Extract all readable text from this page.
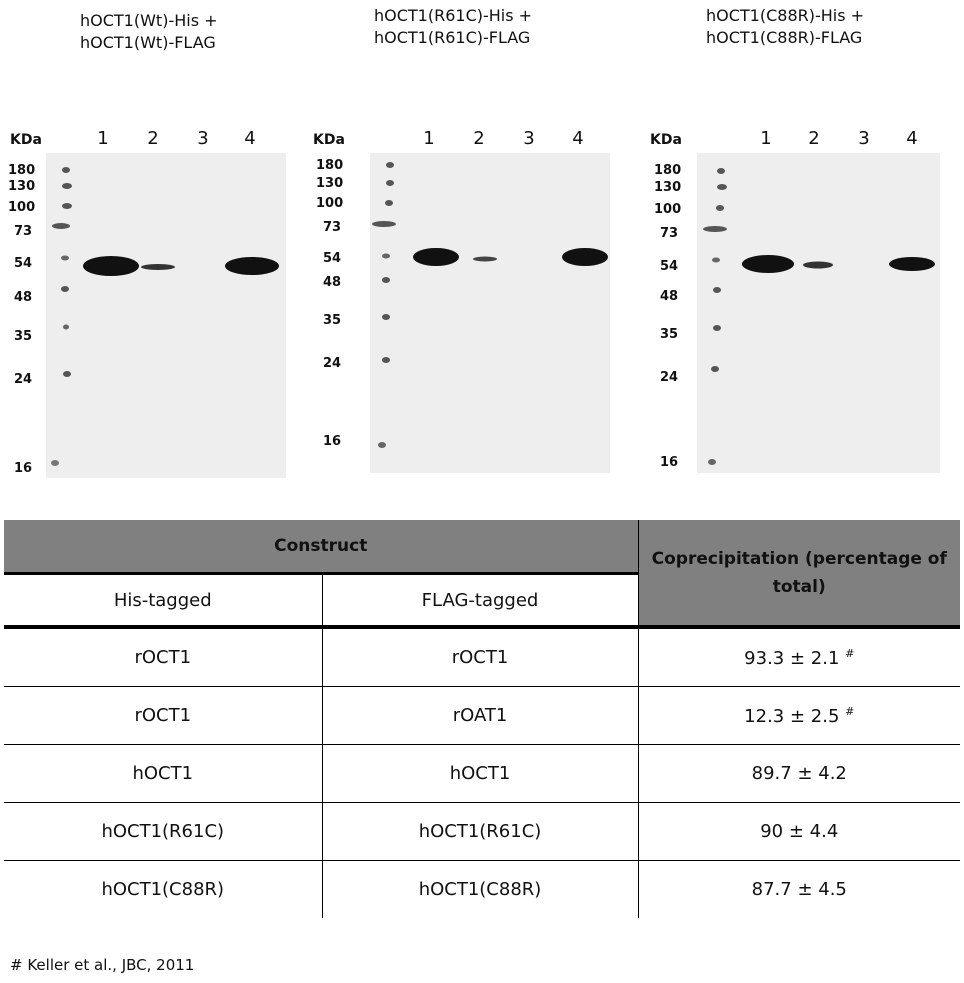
hOCT1(Wt)-His +
hOCT1(Wt)-FLAG
KDa	1	2	3	4
180
130
100
73
54
48
35
24
16
hOCT1(R61C)-His +
hOCT1(R61C)-FLAG
KDa	1	2	3	4
180
130
100
73
54
48
35
24
16
hOCT1(C88R)-His +
hOCT1(C88R)-FLAG
KDa	1	2	3	4
180
130
100
73
54
48
35
24
16
Construct		Coprecipitation (percentage of total)
His-tagged	FLAG-tagged	
rOCT1	rOCT1	93.3 ± 2.1 #
rOCT1	rOAT1	12.3 ± 2.5 #
hOCT1	hOCT1	89.7 ± 4.2
hOCT1(R61C)	hOCT1(R61C)	90 ± 4.4
hOCT1(C88R)	hOCT1(C88R)	87.7 ± 4.5
# Keller et al., JBC, 2011
